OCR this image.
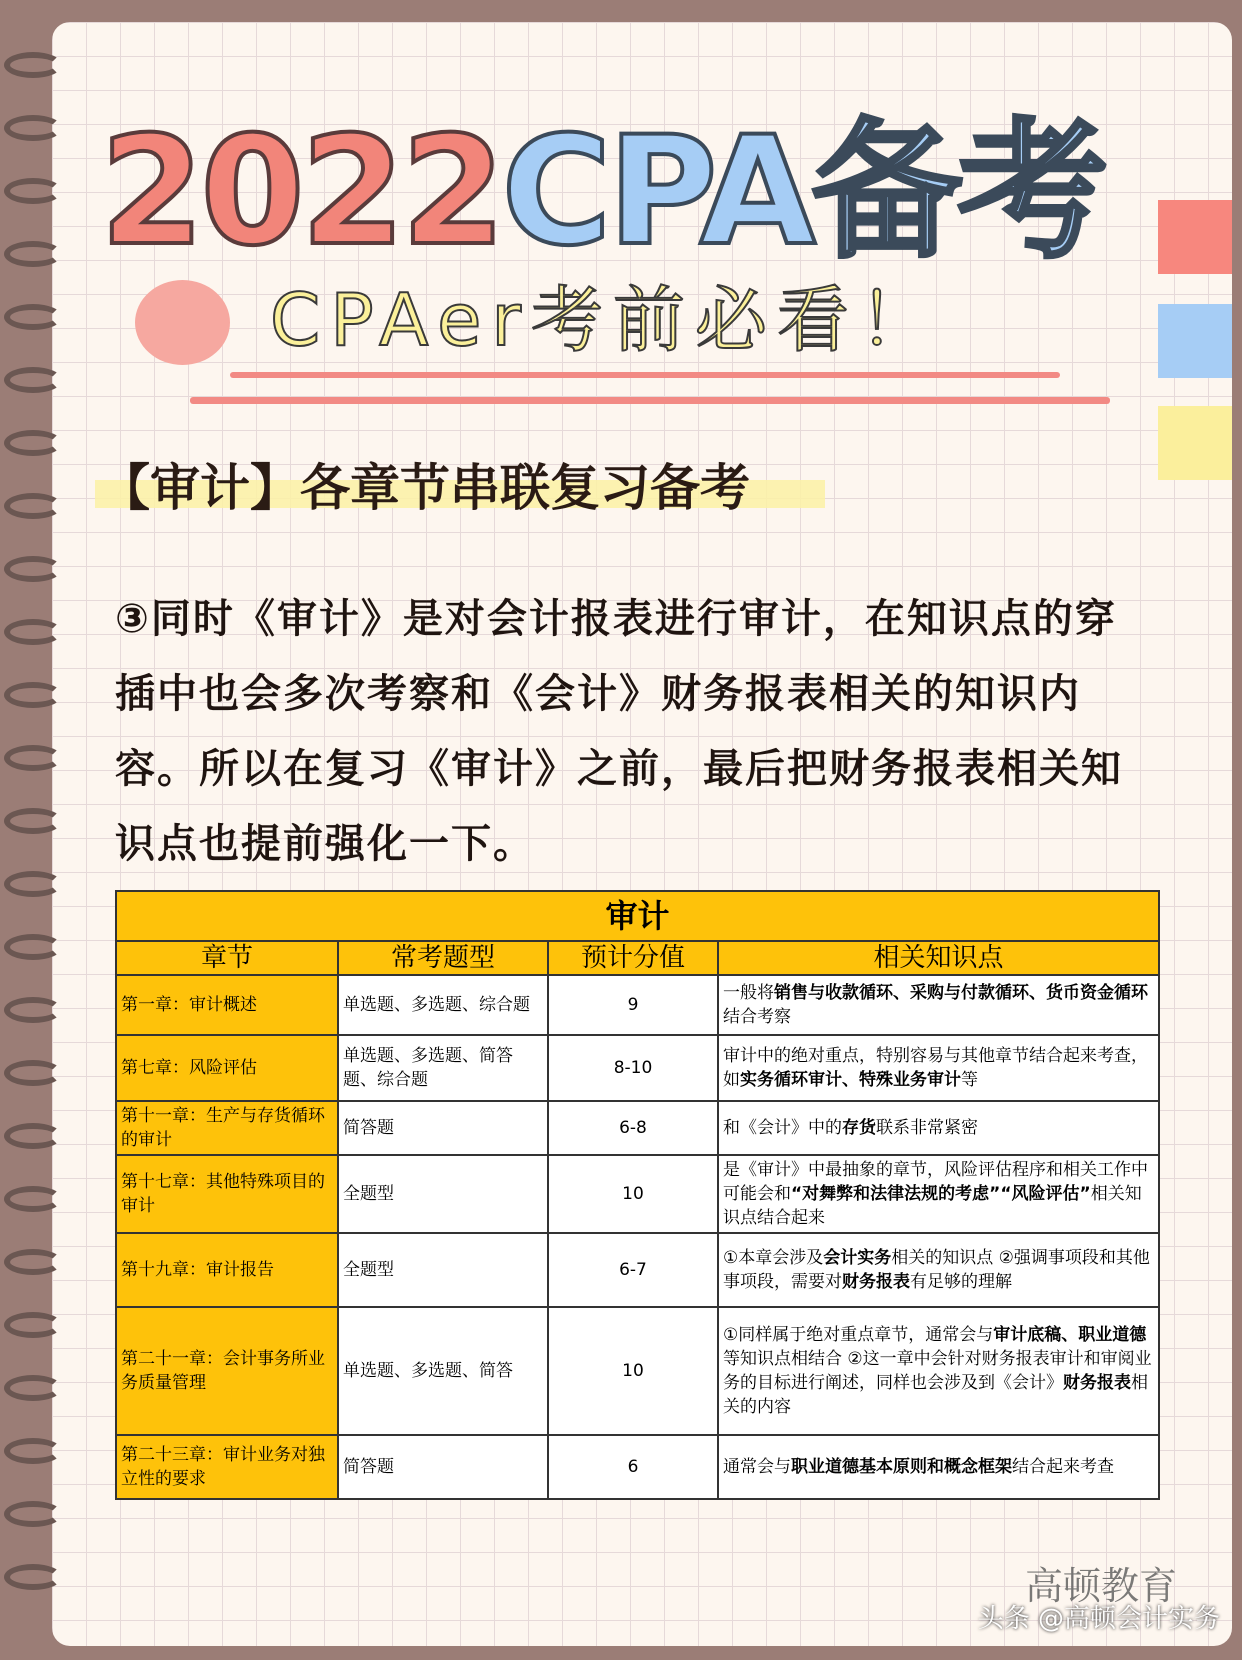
2022CPA备考
CPAer考前必看！
【审计】各章节串联复习备考
③同时《审计》是对会计报表进行审计，在知识点的穿插中也会多次考察和《会计》财务报表相关的知识内容。所以在复习《审计》之前，最后把财务报表相关知识点也提前强化一下。
审计			
章节	常考题型	预计分值	相关知识点
第一章：审计概述	单选题、多选题、综合题	9	一般将销售与收款循环、采购与付款循环、货币资金循环结合考察
第七章：风险评估	单选题、多选题、简答题、综合题	8-10	审计中的绝对重点，特别容易与其他章节结合起来考查，如实务循环审计、特殊业务审计等
第十一章：生产与存货循环的审计	简答题	6-8	和《会计》中的存货联系非常紧密
第十七章：其他特殊项目的审计	全题型	10	是《审计》中最抽象的章节，风险评估程序和相关工作中可能会和“对舞弊和法律法规的考虑”“风险评估”相关知识点结合起来
第十九章：审计报告	全题型	6-7	①本章会涉及会计实务相关的知识点 ②强调事项段和其他事项段，需要对财务报表有足够的理解
第二十一章：会计事务所业务质量管理	单选题、多选题、简答	10	①同样属于绝对重点章节，通常会与审计底稿、职业道德等知识点相结合 ②这一章中会针对财务报表审计和审阅业务的目标进行阐述，同样也会涉及到《会计》财务报表相关的内容
第二十三章：审计业务对独立性的要求	简答题	6	通常会与职业道德基本原则和概念框架结合起来考查
高顿教育
头条 @高顿会计实务
